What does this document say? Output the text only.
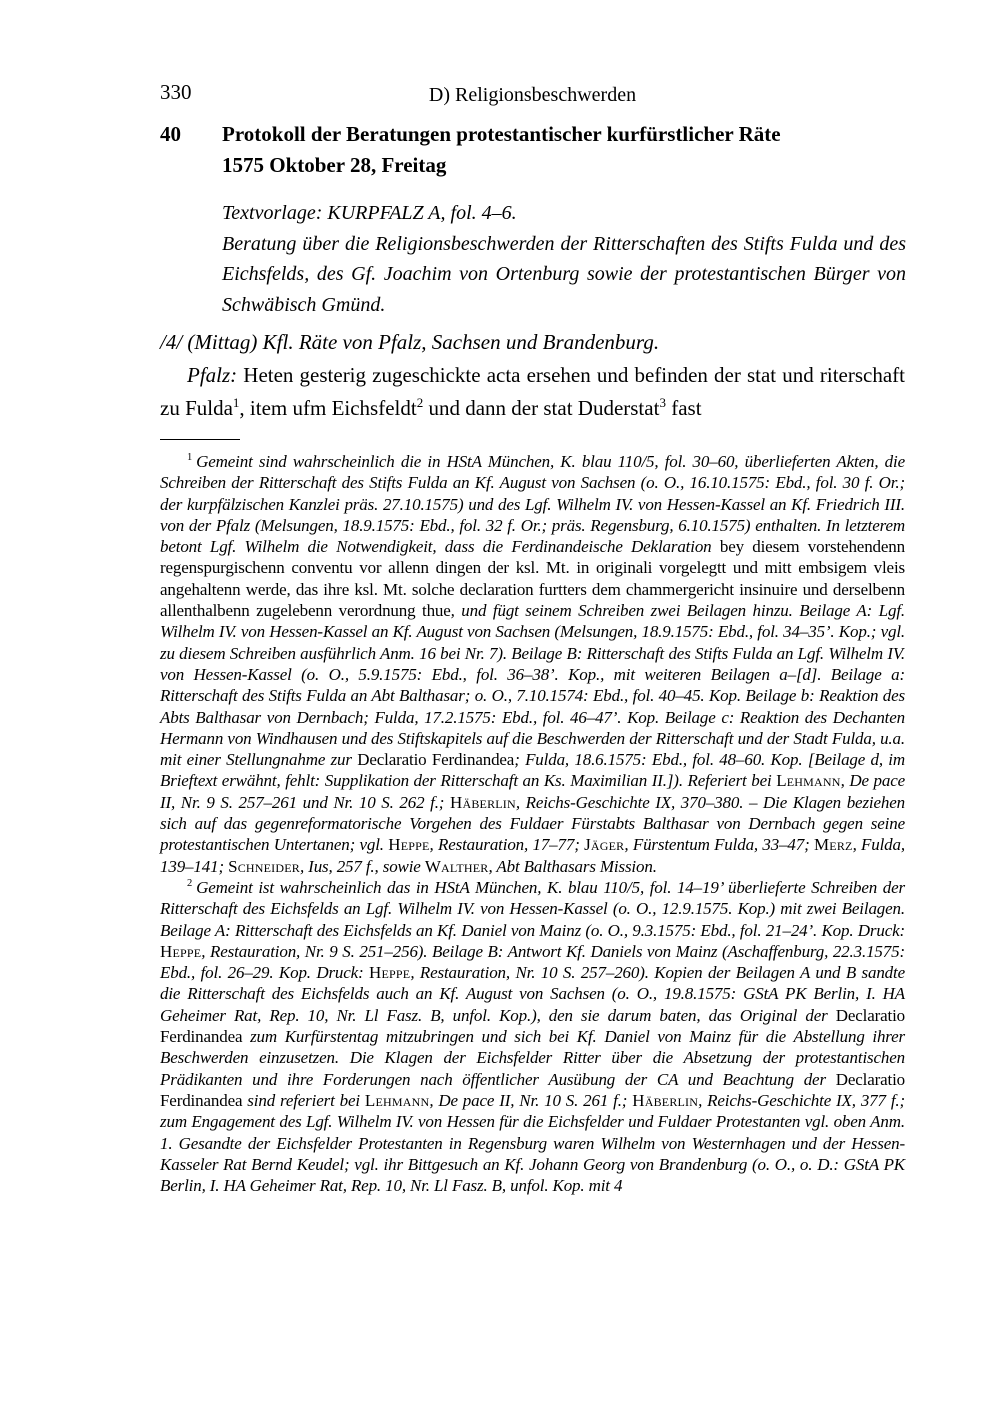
330	D) Religionsbeschwerden
40	Protokoll der Beratungen protestantischer kurfürstlicher Räte
1575 Oktober 28, Freitag
Textvorlage: KURPFALZ A, fol. 4–6.
Beratung über die Religionsbeschwerden der Ritterschaften des Stifts Fulda und des Eichsfelds, des Gf. Joachim von Ortenburg sowie der protestantischen Bürger von Schwäbisch Gmünd.
/4/ (Mittag) Kfl. Räte von Pfalz, Sachsen und Brandenburg.
Pfalz: Heten gesterig zugeschickte acta ersehen und befinden der stat und riterschaft zu Fulda$^1$, item ufm Eichsfeldt$^2$ und dann der stat Duderstat$^3$ fast
$^1$ Gemeint sind wahrscheinlich die in HStA München, K. blau 110/5, fol. 30–60, überlieferten Akten, die Schreiben der Ritterschaft des Stifts Fulda an Kf. August von Sachsen (o. O., 16.10.1575: Ebd., fol. 30 f. Or.; der kurpfälzischen Kanzlei präs. 27.10.1575) und des Lgf. Wilhelm IV. von Hessen-Kassel an Kf. Friedrich III. von der Pfalz (Melsungen, 18.9.1575: Ebd., fol. 32 f. Or.; präs. Regensburg, 6.10.1575) enthalten. In letzterem betont Lgf. Wilhelm die Notwendigkeit, dass die Ferdinandeische Deklaration bey diesem vorstehendenn regenspurgischenn conventu vor allenn dingen der ksl. Mt. in originali vorgelegtt und mitt embsigem vleis angehaltenn werde, das ihre ksl. Mt. solche declaration furtters dem chammergericht insinuire und derselbenn allenthalbenn zugelebenn verordnung thue, und fügt seinem Schreiben zwei Beilagen hinzu. Beilage A: Lgf. Wilhelm IV. von Hessen-Kassel an Kf. August von Sachsen (Melsungen, 18.9.1575: Ebd., fol. 34–35’. Kop.; vgl. zu diesem Schreiben ausführlich Anm. 16 bei Nr. 7). Beilage B: Ritterschaft des Stifts Fulda an Lgf. Wilhelm IV. von Hessen-Kassel (o. O., 5.9.1575: Ebd., fol. 36–38’. Kop., mit weiteren Beilagen a–[d]. Beilage a: Ritterschaft des Stifts Fulda an Abt Balthasar; o. O., 7.10.1574: Ebd., fol. 40–45. Kop. Beilage b: Reaktion des Abts Balthasar von Dernbach; Fulda, 17.2.1575: Ebd., fol. 46–47’. Kop. Beilage c: Reaktion des Dechanten Hermann von Windhausen und des Stiftskapitels auf die Beschwerden der Ritterschaft und der Stadt Fulda, u.a. mit einer Stellungnahme zur Declaratio Ferdinandea; Fulda, 18.6.1575: Ebd., fol. 48–60. Kop. [Beilage d, im Brieftext erwähnt, fehlt: Supplikation der Ritterschaft an Ks. Maximilian II.]). Referiert bei Lehmann, De pace II, Nr. 9 S. 257–261 und Nr. 10 S. 262 f.; Häberlin, Reichs-Geschichte IX, 370–380. – Die Klagen beziehen sich auf das gegenreformatorische Vorgehen des Fuldaer Fürstabts Balthasar von Dernbach gegen seine protestantischen Untertanen; vgl. Heppe, Restauration, 17–77; Jäger, Fürstentum Fulda, 33–47; Merz, Fulda, 139–141; Schneider, Ius, 257 f., sowie Walther, Abt Balthasars Mission.
$^2$ Gemeint ist wahrscheinlich das in HStA München, K. blau 110/5, fol. 14–19’ überlieferte Schreiben der Ritterschaft des Eichsfelds an Lgf. Wilhelm IV. von Hessen-Kassel (o. O., 12.9.1575. Kop.) mit zwei Beilagen. Beilage A: Ritterschaft des Eichsfelds an Kf. Daniel von Mainz (o. O., 9.3.1575: Ebd., fol. 21–24’. Kop. Druck: Heppe, Restauration, Nr. 9 S. 251–256). Beilage B: Antwort Kf. Daniels von Mainz (Aschaffenburg, 22.3.1575: Ebd., fol. 26–29. Kop. Druck: Heppe, Restauration, Nr. 10 S. 257–260). Kopien der Beilagen A und B sandte die Ritterschaft des Eichsfelds auch an Kf. August von Sachsen (o. O., 19.8.1575: GStA PK Berlin, I. HA Geheimer Rat, Rep. 10, Nr. Ll Fasz. B, unfol. Kop.), den sie darum baten, das Original der Declaratio Ferdinandea zum Kurfürstentag mitzubringen und sich bei Kf. Daniel von Mainz für die Abstellung ihrer Beschwerden einzusetzen. Die Klagen der Eichsfelder Ritter über die Absetzung der protestantischen Prädikanten und ihre Forderungen nach öffentlicher Ausübung der CA und Beachtung der Declaratio Ferdinandea sind referiert bei Lehmann, De pace II, Nr. 10 S. 261 f.; Häberlin, Reichs-Geschichte IX, 377 f.; zum Engagement des Lgf. Wilhelm IV. von Hessen für die Eichsfelder und Fuldaer Protestanten vgl. oben Anm. 1. Gesandte der Eichsfelder Protestanten in Regensburg waren Wilhelm von Westernhagen und der Hessen-Kasseler Rat Bernd Keudel; vgl. ihr Bittgesuch an Kf. Johann Georg von Brandenburg (o. O., o. D.: GStA PK Berlin, I. HA Geheimer Rat, Rep. 10, Nr. Ll Fasz. B, unfol. Kop. mit 4
